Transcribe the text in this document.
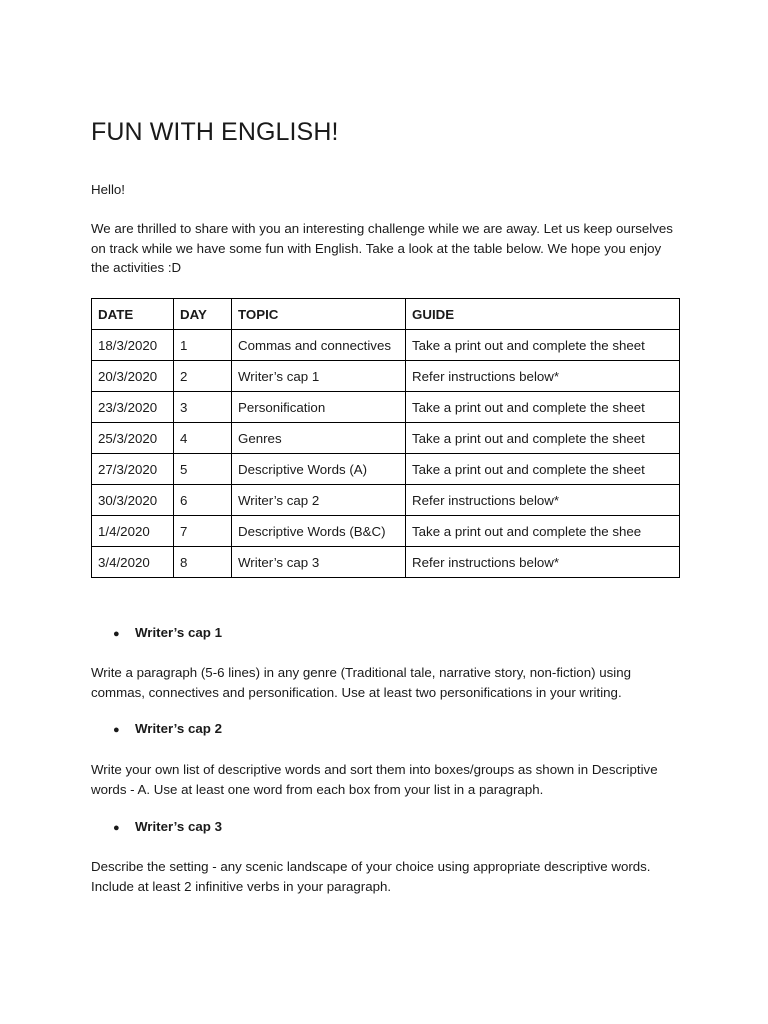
FUN WITH ENGLISH!

Hello!

We are thrilled to share with you an interesting challenge while we are away. Let us keep ourselves on track while we have some fun with English. Take a look at the table below. We hope you enjoy the activities :D

DATE	DAY	TOPIC	GUIDE
18/3/2020	1	Commas and connectives	Take a print out and complete the sheet
20/3/2020	2	Writer’s cap 1	Refer instructions below*
23/3/2020	3	Personification	Take a print out and complete the sheet
25/3/2020	4	Genres	Take a print out and complete the sheet
27/3/2020	5	Descriptive Words (A)	Take a print out and complete the sheet
30/3/2020	6	Writer’s cap 2	Refer instructions below*
1/4/2020	7	Descriptive Words (B&C)	Take a print out and complete the shee
3/4/2020	8	Writer’s cap 3	Refer instructions below*

● Writer’s cap 1

Write a paragraph (5-6 lines) in any genre (Traditional tale, narrative story, non-fiction) using commas, connectives and personification. Use at least two personifications in your writing.

● Writer’s cap 2

Write your own list of descriptive words and sort them into boxes/groups as shown in Descriptive words - A. Use at least one word from each box from your list in a paragraph.

● Writer’s cap 3

Describe the setting - any scenic landscape of your choice using appropriate descriptive words. Include at least 2 infinitive verbs in your paragraph.
